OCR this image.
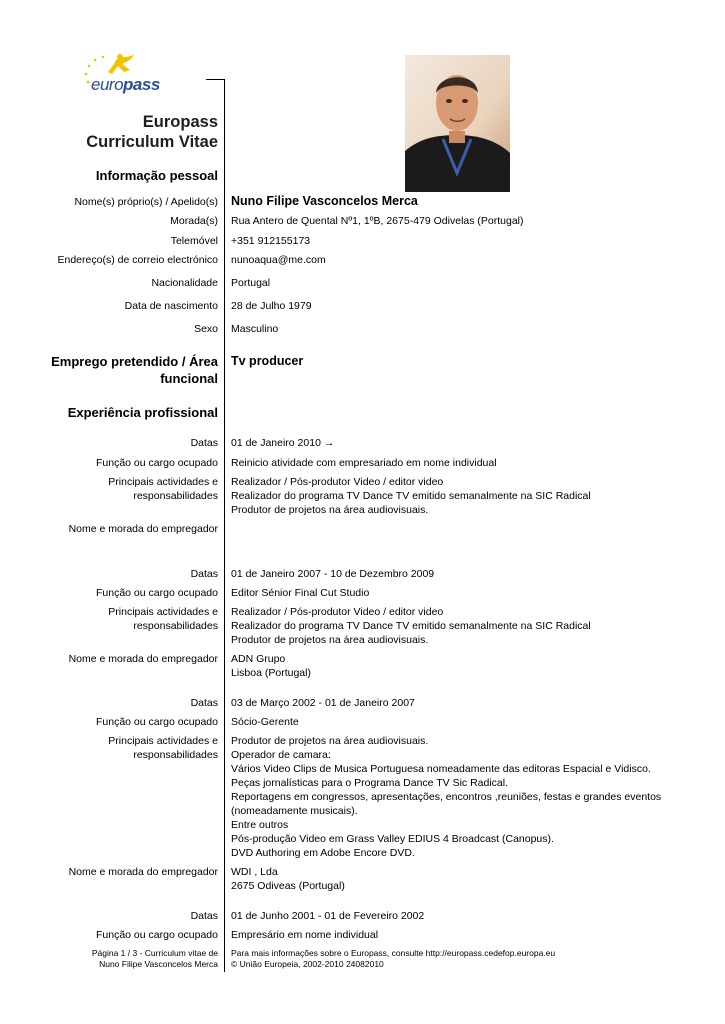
europass
Europass
Curriculum Vitae
Informação pessoal
Nome(s) próprio(s) / Apelido(s) Nuno Filipe Vasconcelos Merca
Morada(s) Rua Antero de Quental Nº1, 1ºB, 2675-479 Odivelas (Portugal)
Telemóvel +351 912155173
Endereço(s) de correio electrónico nunoaqua@me.com
Nacionalidade Portugal
Data de nascimento 28 de Julho 1979
Sexo Masculino
Emprego pretendido / Área
funcional
Tv producer
Experiência profissional
Datas 01 de Janeiro 2010 →
Função ou cargo ocupado Reinicio atividade com empresariado em nome individual
Principais actividades e
responsabilidades
Realizador / Pós-produtor Video / editor video
Realizador do programa TV Dance TV emitido semanalmente na SIC Radical
Produtor de projetos na área audiovisuais.
Nome e morada do empregador
Datas 01 de Janeiro 2007 - 10 de Dezembro 2009
Função ou cargo ocupado Editor Sénior Final Cut Studio
Principais actividades e
responsabilidades
Realizador / Pós-produtor Video / editor video
Realizador do programa TV Dance TV emitido semanalmente na SIC Radical
Produtor de projetos na área audiovisuais.
Nome e morada do empregador ADN Grupo
Lisboa (Portugal)
Datas 03 de Março 2002 - 01 de Janeiro 2007
Função ou cargo ocupado Sócio-Gerente
Principais actividades e
responsabilidades
Produtor de projetos na área audiovisuais.
Operador de camara:
Vários Video Clips de Musica Portuguesa nomeadamente das editoras Espacial e Vidisco.
Peças jornalísticas para o Programa Dance TV Sic Radical.
Reportagens em congressos, apresentações, encontros ,reuniões, festas e grandes eventos
(nomeadamente musicais).
Entre outros
Pós-produção Video em Grass Valley EDIUS 4 Broadcast (Canopus).
DVD Authoring em Adobe Encore DVD.
Nome e morada do empregador WDI , Lda
2675 Odiveas (Portugal)
Datas 01 de Junho 2001 - 01 de Fevereiro 2002
Função ou cargo ocupado Empresário em nome individual
Página 1 / 3 - Curriculum vitae de
Nuno Filipe Vasconcelos Merca
Para mais informações sobre o Europass, consulte http://europass.cedefop.europa.eu
© União Europeia, 2002-2010 24082010
